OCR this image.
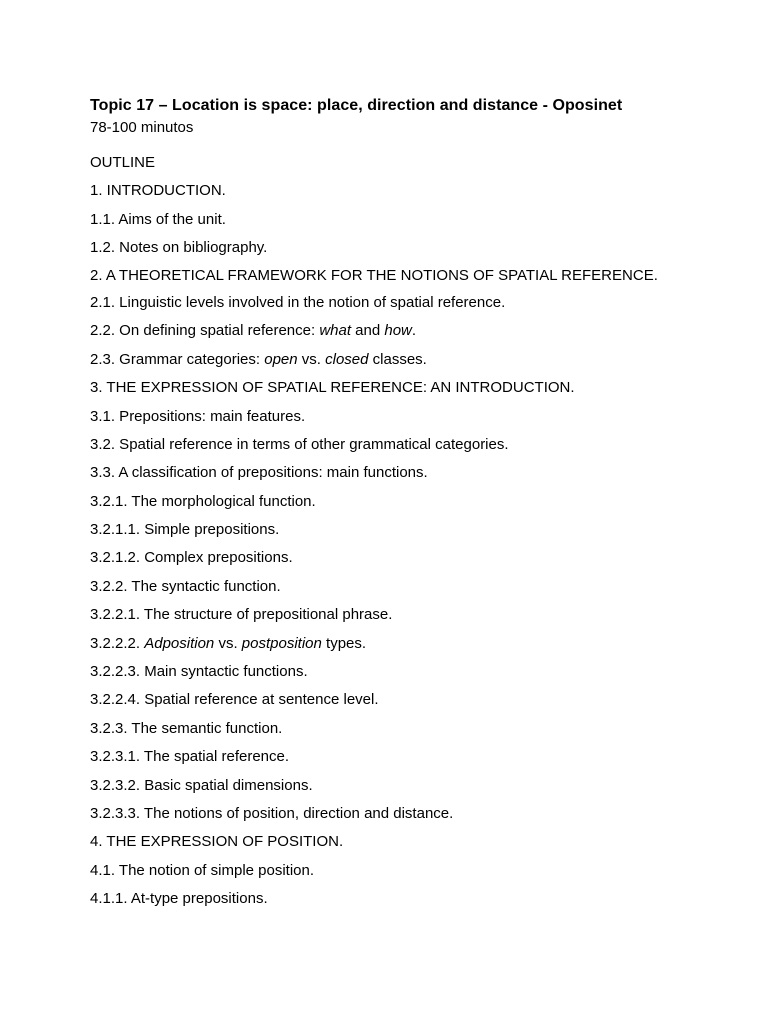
Topic 17 – Location is space: place, direction and distance - Oposinet
78-100 minutos
OUTLINE
1. INTRODUCTION.
1.1. Aims of the unit.
1.2. Notes on bibliography.
2. A THEORETICAL FRAMEWORK FOR THE NOTIONS OF SPATIAL REFERENCE.
2.1. Linguistic levels involved in the notion of spatial reference.
2.2. On defining spatial reference: what and how.
2.3. Grammar categories: open vs. closed classes.
3. THE EXPRESSION OF SPATIAL REFERENCE: AN INTRODUCTION.
3.1. Prepositions: main features.
3.2. Spatial reference in terms of other grammatical categories.
3.3. A classification of prepositions: main functions.
3.2.1. The morphological function.
3.2.1.1. Simple prepositions.
3.2.1.2. Complex prepositions.
3.2.2. The syntactic function.
3.2.2.1. The structure of prepositional phrase.
3.2.2.2. Adposition vs. postposition types.
3.2.2.3. Main syntactic functions.
3.2.2.4. Spatial reference at sentence level.
3.2.3. The semantic function.
3.2.3.1. The spatial reference.
3.2.3.2. Basic spatial dimensions.
3.2.3.3. The notions of position, direction and distance.
4. THE EXPRESSION OF POSITION.
4.1. The notion of simple position.
4.1.1. At-type prepositions.
